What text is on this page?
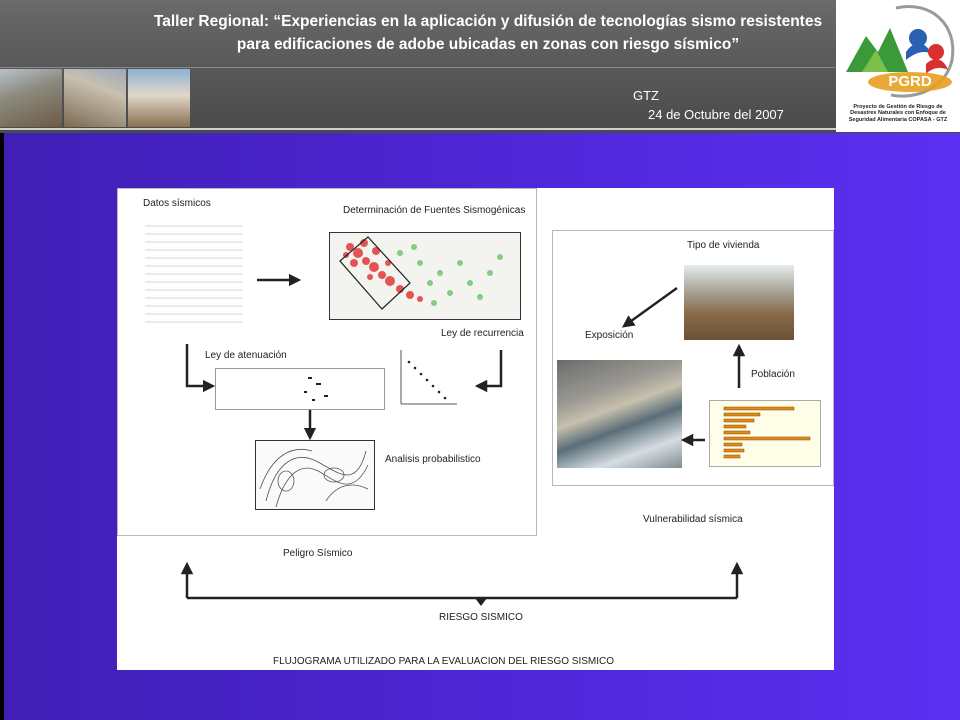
Taller Regional: “Experiencias en la aplicación y difusión de tecnologías sismo resistentes
para edificaciones de adobe ubicadas en zonas con riesgo sísmico”
GTZ
24 de Octubre del 2007
PGRD
Proyecto de Gestión de Riesgo de Desastres Naturales con Enfoque de Seguridad Alimentaria COPASA - GTZ
Datos sísmicos
Determinación de Fuentes Sismogénicas
Ley de recurrencia
Ley de atenuación
Analisis probabilistico
Peligro Sísmico
Tipo de vivienda
Exposición
Población
Vulnerabilidad sísmica
RIESGO SISMICO
FLUJOGRAMA UTILIZADO PARA LA EVALUACION DEL RIESGO SISMICO
